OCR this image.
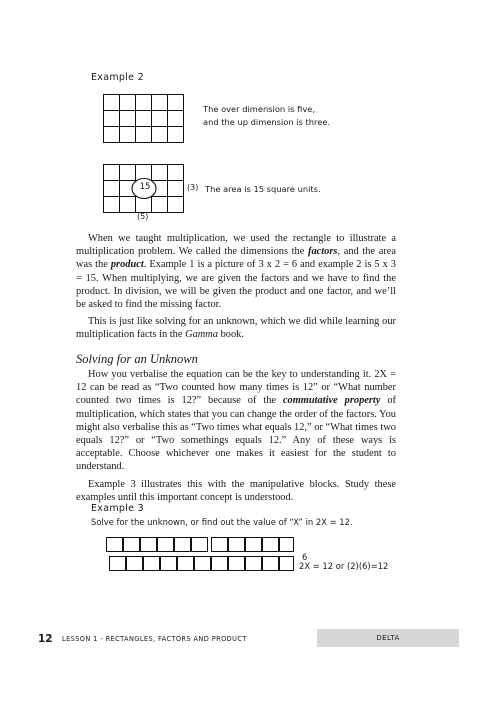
Example 2
The over dimension is five,
and the up dimension is three.
15	(3)
(5)
The area is 15 square units.

When we taught multiplication, we used the rectangle to illustrate a multiplication problem. We called the dimensions the factors, and the area was the product. Example 1 is a picture of 3 x 2 = 6 and example 2 is 5 x 3 = 15. When multiplying, we are given the factors and we have to find the product. In division, we will be given the product and one factor, and we’ll be asked to find the missing factor.

This is just like solving for an unknown, which we did while learning our multiplication facts in the Gamma book.

Solving for an Unknown

How you verbalise the equation can be the key to understanding it. 2X = 12 can be read as “Two counted how many times is 12” or “What number counted two times is 12?” because of the commutative property of multiplication, which states that you can change the order of the factors. You might also verbalise this as “Two times what equals 12,” or “What times two equals 12?” or “Two somethings equals 12.” Any of these ways is acceptable. Choose whichever one makes it easiest for the student to understand.

Example 3 illustrates this with the manipulative blocks. Study these examples until this important concept is understood.

Example 3
Solve for the unknown, or find out the value of “X” in 2X = 12.
6
2X = 12 or (2)(6)=12
12 LESSON 1 - RECTANGLES, FACTORS AND PRODUCT	DELTA
